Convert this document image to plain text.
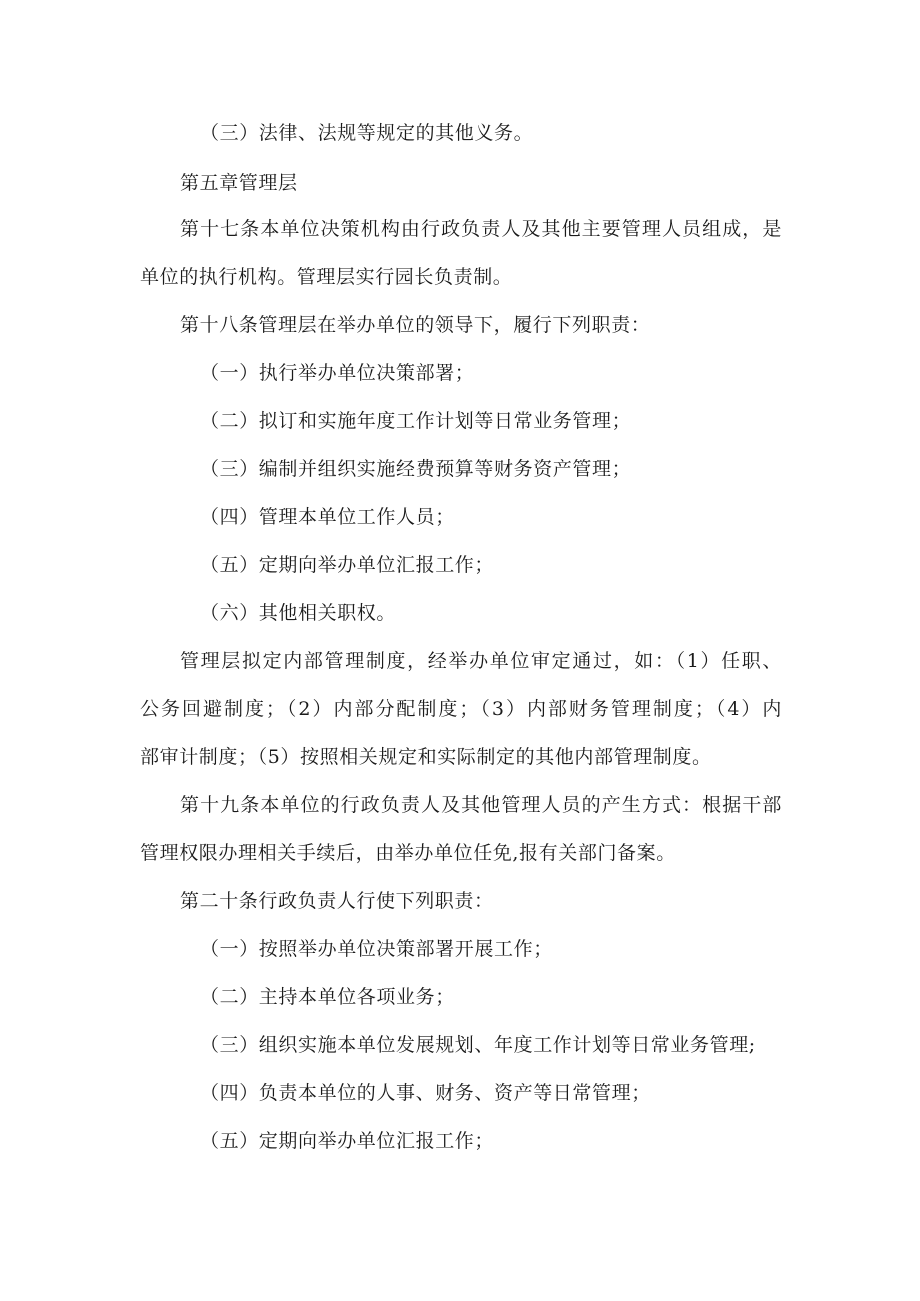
（三）法律、法规等规定的其他义务。
第五章管理层
第十七条本单位决策机构由行政负责人及其他主要管理人员组成，是
单位的执行机构。管理层实行园长负责制。
第十八条管理层在举办单位的领导下，履行下列职责：
（一）执行举办单位决策部署；
（二）拟订和实施年度工作计划等日常业务管理；
（三）编制并组织实施经费预算等财务资产管理；
（四）管理本单位工作人员；
（五）定期向举办单位汇报工作；
（六）其他相关职权。
管理层拟定内部管理制度，经举办单位审定通过，如：（1）任职、
公务回避制度；（2）内部分配制度；（3）内部财务管理制度；（4）内
部审计制度；（5）按照相关规定和实际制定的其他内部管理制度。
第十九条本单位的行政负责人及其他管理人员的产生方式：根据干部
管理权限办理相关手续后，由举办单位任免,报有关部门备案。
第二十条行政负责人行使下列职责：
（一）按照举办单位决策部署开展工作；
（二）主持本单位各项业务；
（三）组织实施本单位发展规划、年度工作计划等日常业务管理;
（四）负责本单位的人事、财务、资产等日常管理；
（五）定期向举办单位汇报工作；
